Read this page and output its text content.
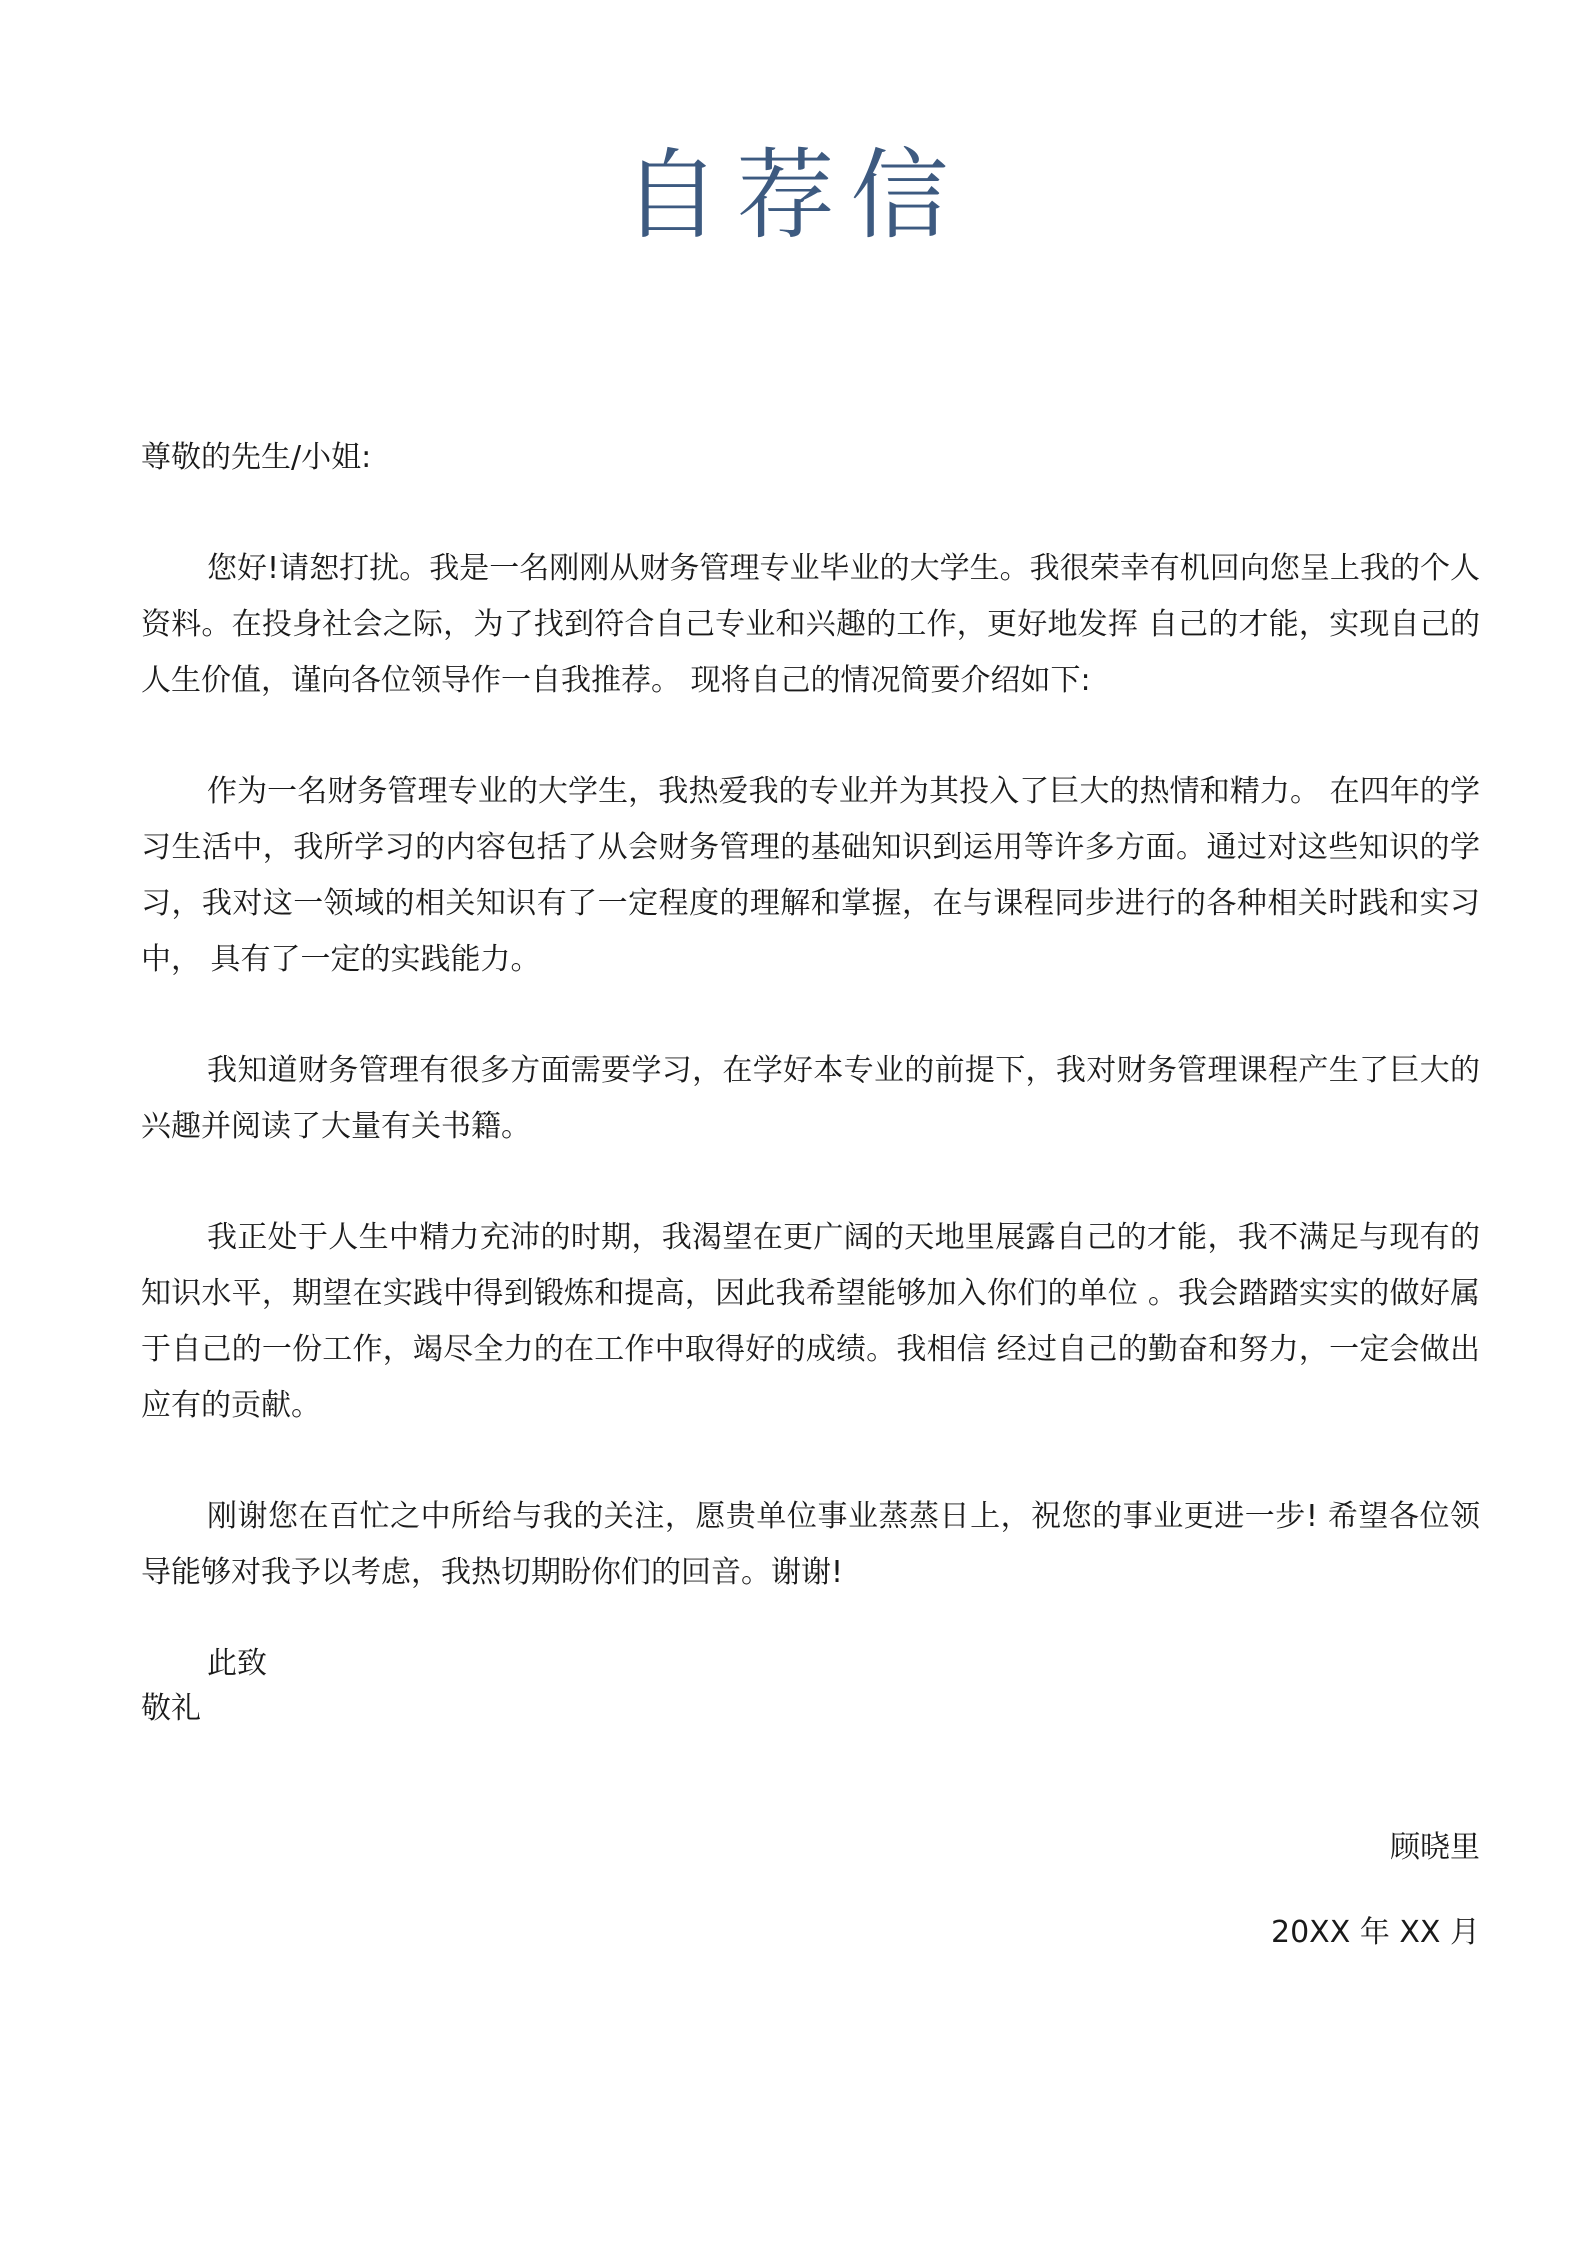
自荐信

尊敬的先生/小姐:

您好!请恕打扰。我是一名刚刚从财务管理专业毕业的大学生。我很荣幸有机回向您呈上我的个人资料。在投身社会之际，为了找到符合自己专业和兴趣的工作，更好地发挥 自己的才能，实现自己的人生价值，谨向各位领导作一自我推荐。 现将自己的情况简要介绍如下:

作为一名财务管理专业的大学生，我热爱我的专业并为其投入了巨大的热情和精力。 在四年的学习生活中，我所学习的内容包括了从会财务管理的基础知识到运用等许多方面。通过对这些知识的学习，我对这一领域的相关知识有了一定程度的理解和掌握，在与课程同步进行的各种相关时践和实习中， 具有了一定的实践能力。

我知道财务管理有很多方面需要学习，在学好本专业的前提下，我对财务管理课程产生了巨大的兴趣并阅读了大量有关书籍。

我正处于人生中精力充沛的时期，我渴望在更广阔的天地里展露自己的才能，我不满足与现有的知识水平，期望在实践中得到锻炼和提高，因此我希望能够加入你们的单位 。我会踏踏实实的做好属于自己的一份工作，竭尽全力的在工作中取得好的成绩。我相信 经过自己的勤奋和努力，一定会做出应有的贡献。

刚谢您在百忙之中所给与我的关注，愿贵单位事业蒸蒸日上，祝您的事业更进一步! 希望各位领导能够对我予以考虑，我热切期盼你们的回音。谢谢!

此致

敬礼

顾晓里

20XX 年 XX 月
